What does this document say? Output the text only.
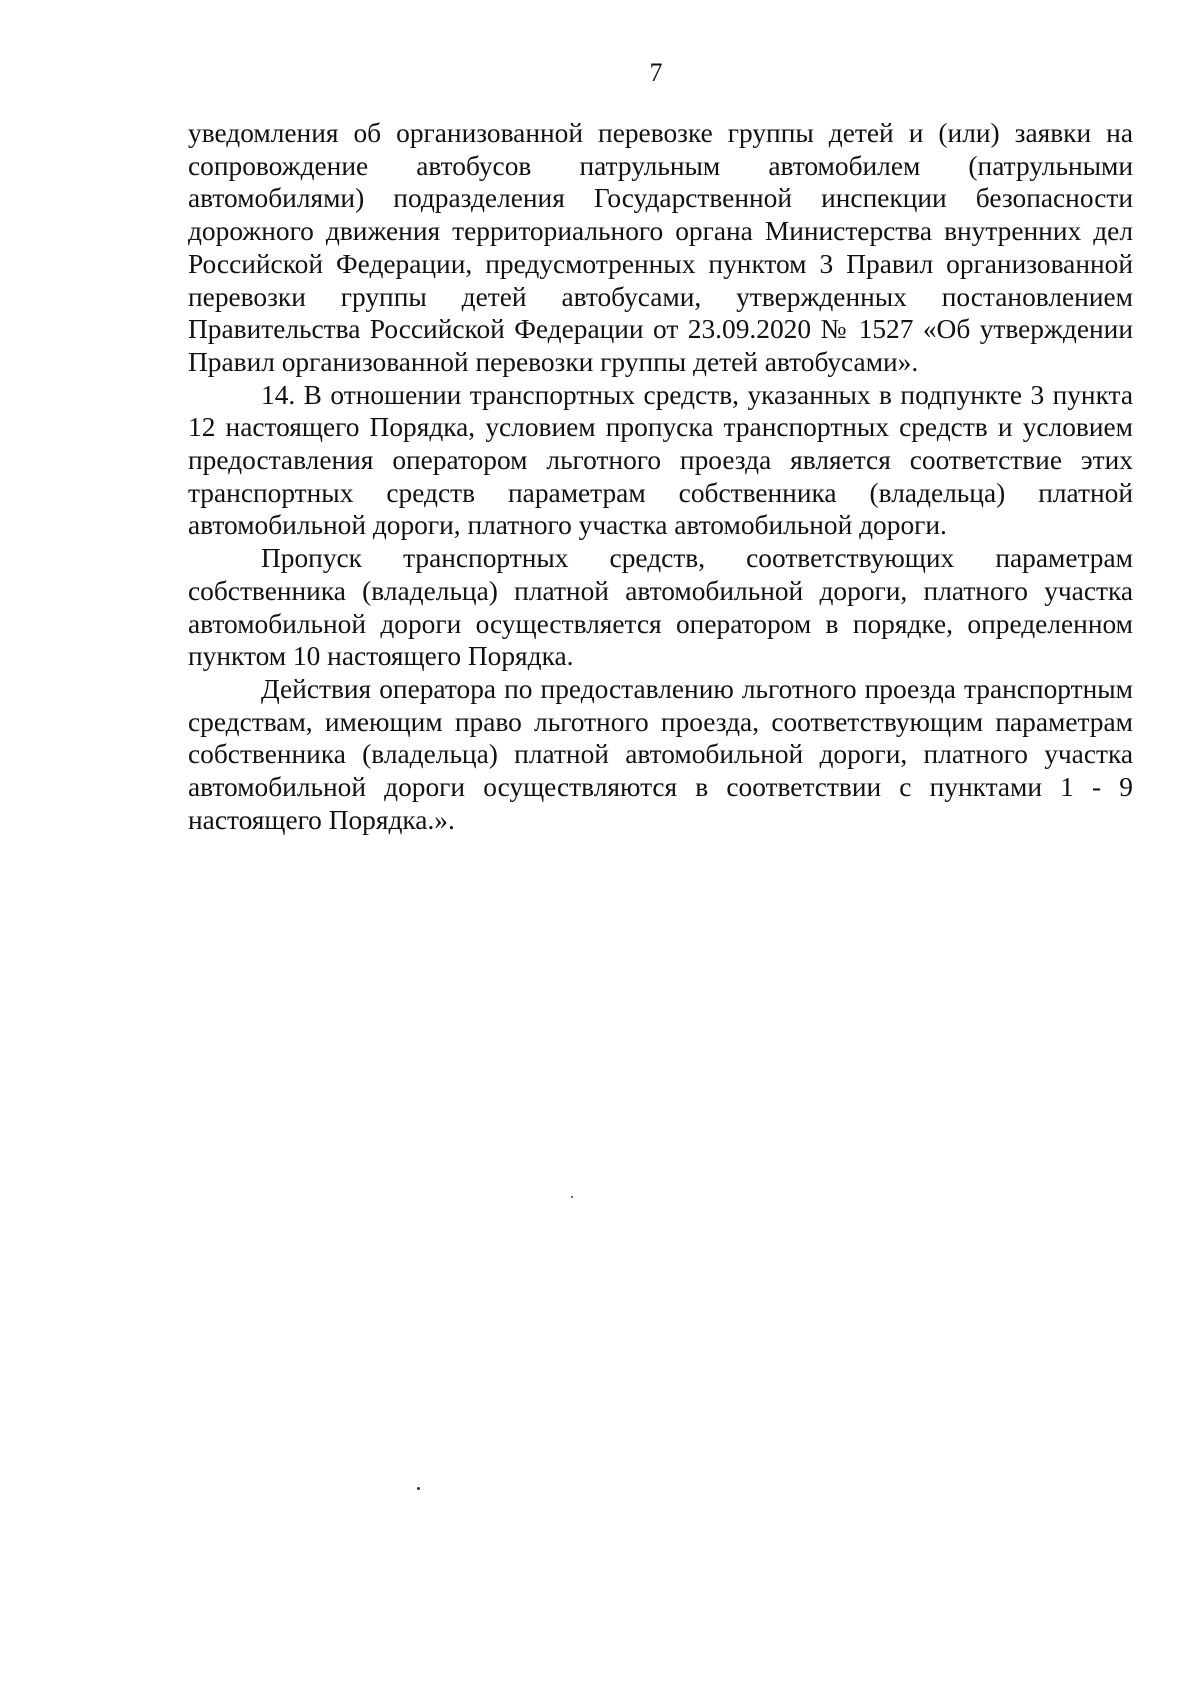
7

уведомления об организованной перевозке группы детей и (или) заявки на сопровождение автобусов патрульным автомобилем (патрульными автомобилями) подразделения Государственной инспекции безопасности дорожного движения территориального органа Министерства внутренних дел Российской Федерации, предусмотренных пунктом 3 Правил организованной перевозки группы детей автобусами, утвержденных постановлением Правительства Российской Федерации от 23.09.2020 № 1527 «Об утверждении Правил организованной перевозки группы детей автобусами».

14. В отношении транспортных средств, указанных в подпункте 3 пункта 12 настоящего Порядка, условием пропуска транспортных средств и условием предоставления оператором льготного проезда является соответствие этих транспортных средств параметрам собственника (владельца) платной автомобильной дороги, платного участка автомобильной дороги.

Пропуск транспортных средств, соответствующих параметрам собственника (владельца) платной автомобильной дороги, платного участка автомобильной дороги осуществляется оператором в порядке, определенном пунктом 10 настоящего Порядка.

Действия оператора по предоставлению льготного проезда транспортным средствам, имеющим право льготного проезда, соответствующим параметрам собственника (владельца) платной автомобильной дороги, платного участка автомобильной дороги осуществляются в соответствии с пунктами 1 - 9 настоящего Порядка.».
